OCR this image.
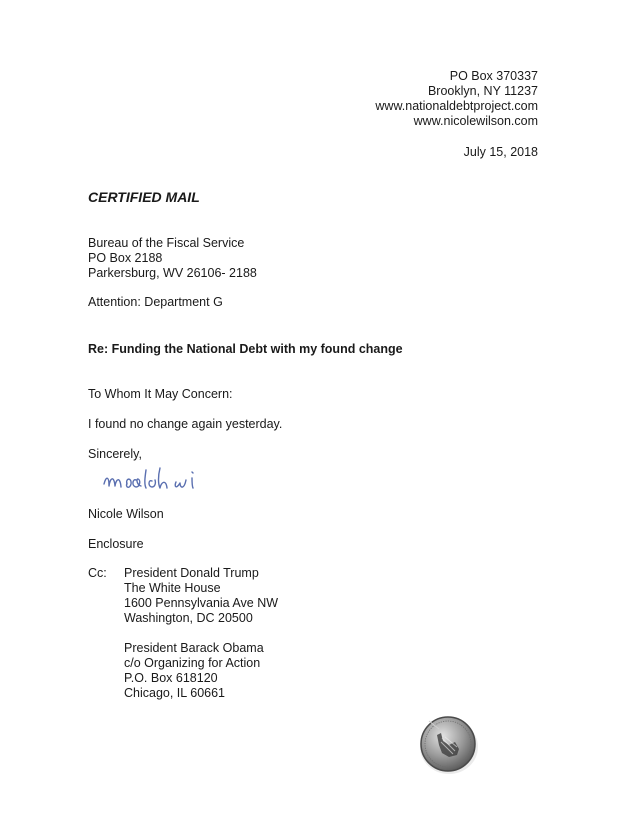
PO Box 370337
Brooklyn, NY 11237
www.nationaldebtproject.com
www.nicolewilson.com
July 15, 2018
CERTIFIED MAIL
Bureau of the Fiscal Service
PO Box 2188
Parkersburg, WV 26106- 2188
Attention: Department G
Re: Funding the National Debt with my found change
To Whom It May Concern:
I found no change again yesterday.
Sincerely,
Nicole Wilson
Enclosure
Cc: President Donald Trump
The White House
1600 Pennsylvania Ave NW
Washington, DC 20500
President Barack Obama
c/o Organizing for Action
P.O. Box 618120
Chicago, IL 60661
